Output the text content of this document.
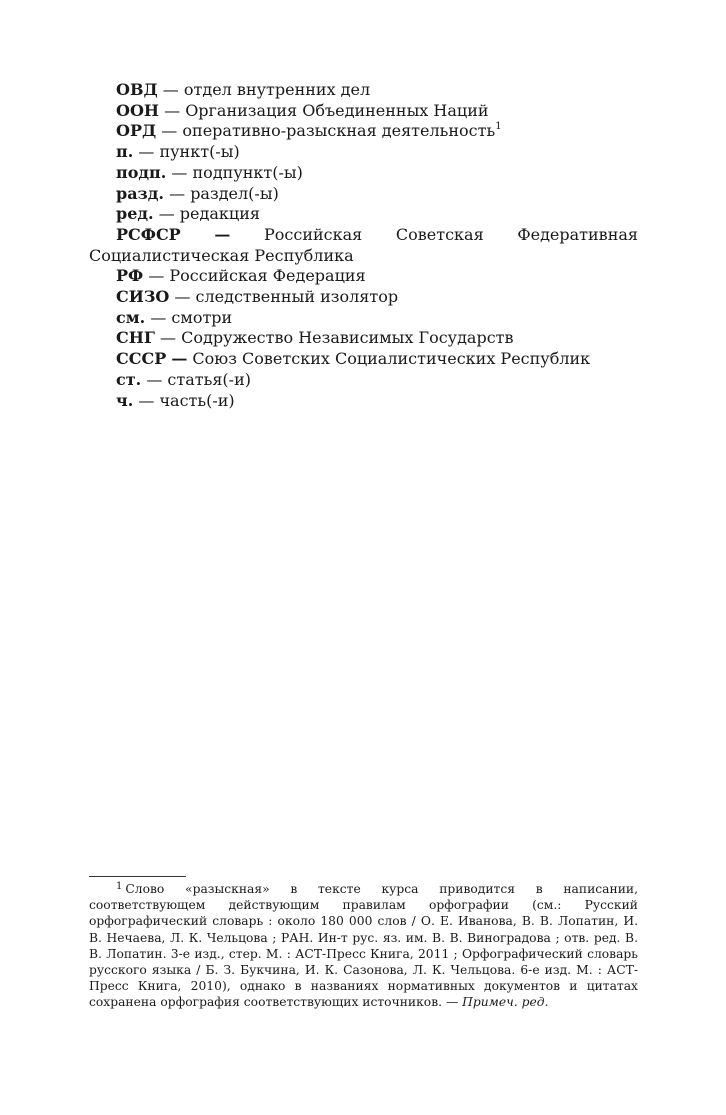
ОВД — отдел внутренних дел
ООН — Организация Объединенных Наций
ОРД — оперативно-разыскная деятельность$^1$
п. — пункт(-ы)
подп. — подпункт(-ы)
разд. — раздел(-ы)
ред. — редакция
РСФСР — Российская Советская Федеративная Социалистическая Республика
РФ — Российская Федерация
СИЗО — следственный изолятор
см. — смотри
СНГ — Содружество Независимых Государств
СССР — Союз Советских Социалистических Республик
ст. — статья(-и)
ч. — часть(-и)

$^1$ Слово «разыскная» в тексте курса приводится в написании, соответствующем действующим правилам орфографии (см.: Русский орфографический словарь : около 180 000 слов / О. Е. Иванова, В. В. Лопатин, И. В. Нечаева, Л. К. Чельцова ; РАН. Ин-т рус. яз. им. В. В. Виноградова ; отв. ред. В. В. Лопатин. 3-е изд., стер. М. : АСТ-Пресс Книга, 2011 ; Орфографический словарь русского языка / Б. З. Букчина, И. К. Сазонова, Л. К. Чельцова. 6-е изд. М. : АСТ-Пресс Книга, 2010), однако в названиях нормативных документов и цитатах сохранена орфография соответствующих источников. — Примеч. ред.
